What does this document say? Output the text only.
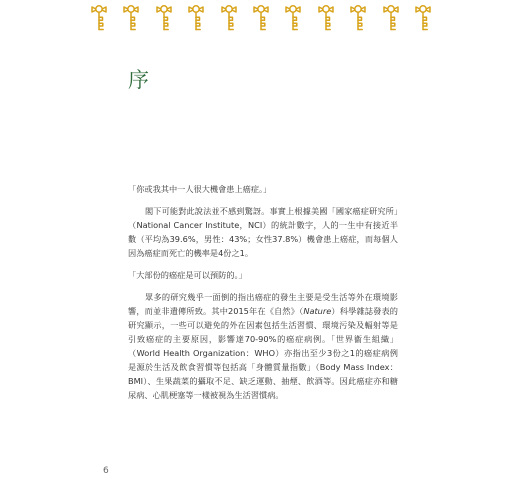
序

「你或我其中一人很大機會患上癌症。」

閣下可能對此說法並不感到驚訝。事實上根據美國「國家癌症研究所」（National Cancer Institute，NCI）的統計數字，人的一生中有接近半數（平均為39.6%，男性：43%；女性37.8%）機會患上癌症，而每個人因為癌症而死亡的機率是4份之1。

「大部份的癌症是可以預防的。」

眾多的研究幾乎一面倒的指出癌症的發生主要是受生活等外在環境影響，而並非遺傳所致。其中2015年在《自然》（Nature）科學雜誌發表的研究顯示，一些可以避免的外在因素包括生活習慣、環境污染及輻射等是引致癌症的主要原因，影響達70-90%的癌症病例。「世界衞生組織」（World Health Organization：WHO）亦指出至少3份之1的癌症病例是源於生活及飲食習慣等包括高「身體質量指數」（Body Mass Index：BMI）、生果蔬菜的攝取不足、缺乏運動、抽煙、飲酒等。因此癌症亦和糖尿病、心肌梗塞等一樣被視為生活習慣病。

6
